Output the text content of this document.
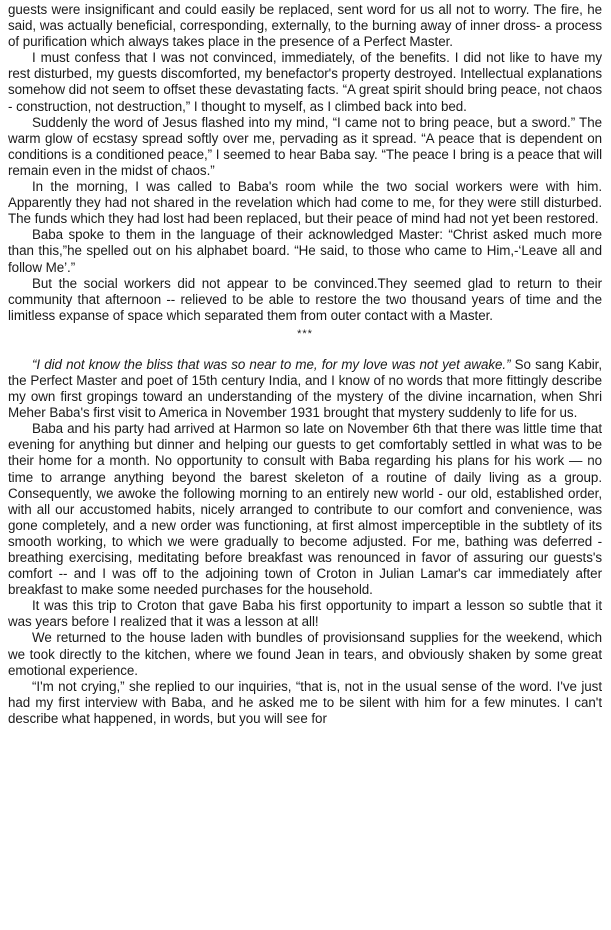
guests were insignificant and could easily be replaced, sent word for us all not to worry. The fire, he said, was actually beneficial, corresponding, externally, to the burning away of inner dross- a process of purification which always takes place in the presence of a Perfect Master.

I must confess that I was not convinced, immediately, of the benefits. I did not like to have my rest disturbed, my guests discomforted, my benefactor's property destroyed. Intellectual explanations somehow did not seem to offset these devastating facts. “A great spirit should bring peace, not chaos - construction, not destruction,” I thought to myself, as I climbed back into bed.

Suddenly the word of Jesus flashed into my mind, “I came not to bring peace, but a sword.” The warm glow of ecstasy spread softly over me, pervading as it spread. “A peace that is dependent on conditions is a conditioned peace,” I seemed to hear Baba say. “The peace I bring is a peace that will remain even in the midst of chaos.”

In the morning, I was called to Baba's room while the two social workers were with him. Apparently they had not shared in the revelation which had come to me, for they were still disturbed. The funds which they had lost had been replaced, but their peace of mind had not yet been restored.

Baba spoke to them in the language of their acknowledged Master: “Christ asked much more than this,”he spelled out on his alphabet board. “He said, to those who came to Him,-‘Leave all and follow Me’.”

But the social workers did not appear to be convinced.They seemed glad to return to their community that afternoon -- relieved to be able to restore the two thousand years of time and the limitless expanse of space which separated them from outer contact with a Master.

***

“I did not know the bliss that was so near to me, for my love was not yet awake.” So sang Kabir, the Perfect Master and poet of 15th century India, and I know of no words that more fittingly describe my own first gropings toward an understanding of the mystery of the divine incarnation, when Shri Meher Baba's first visit to America in November 1931 brought that mystery suddenly to life for us.

Baba and his party had arrived at Harmon so late on November 6th that there was little time that evening for anything but dinner and helping our guests to get comfortably settled in what was to be their home for a month. No opportunity to consult with Baba regarding his plans for his work — no time to arrange anything beyond the barest skeleton of a routine of daily living as a group. Consequently, we awoke the following morning to an entirely new world - our old, established order, with all our accustomed habits, nicely arranged to contribute to our comfort and convenience, was gone completely, and a new order was functioning, at first almost imperceptible in the subtlety of its smooth working, to which we were gradually to become adjusted. For me, bathing was deferred - breathing exercising, meditating before breakfast was renounced in favor of assuring our guests's comfort -- and I was off to the adjoining town of Croton in Julian Lamar's car immediately after breakfast to make some needed purchases for the household.

It was this trip to Croton that gave Baba his first opportunity to impart a lesson so subtle that it was years before I realized that it was a lesson at all!

We returned to the house laden with bundles of provisionsand supplies for the weekend, which we took directly to the kitchen, where we found Jean in tears, and obviously shaken by some great emotional experience.

“I'm not crying,” she replied to our inquiries, “that is, not in the usual sense of the word. I've just had my first interview with Baba, and he asked me to be silent with him for a few minutes. I can't describe what happened, in words, but you will see for
